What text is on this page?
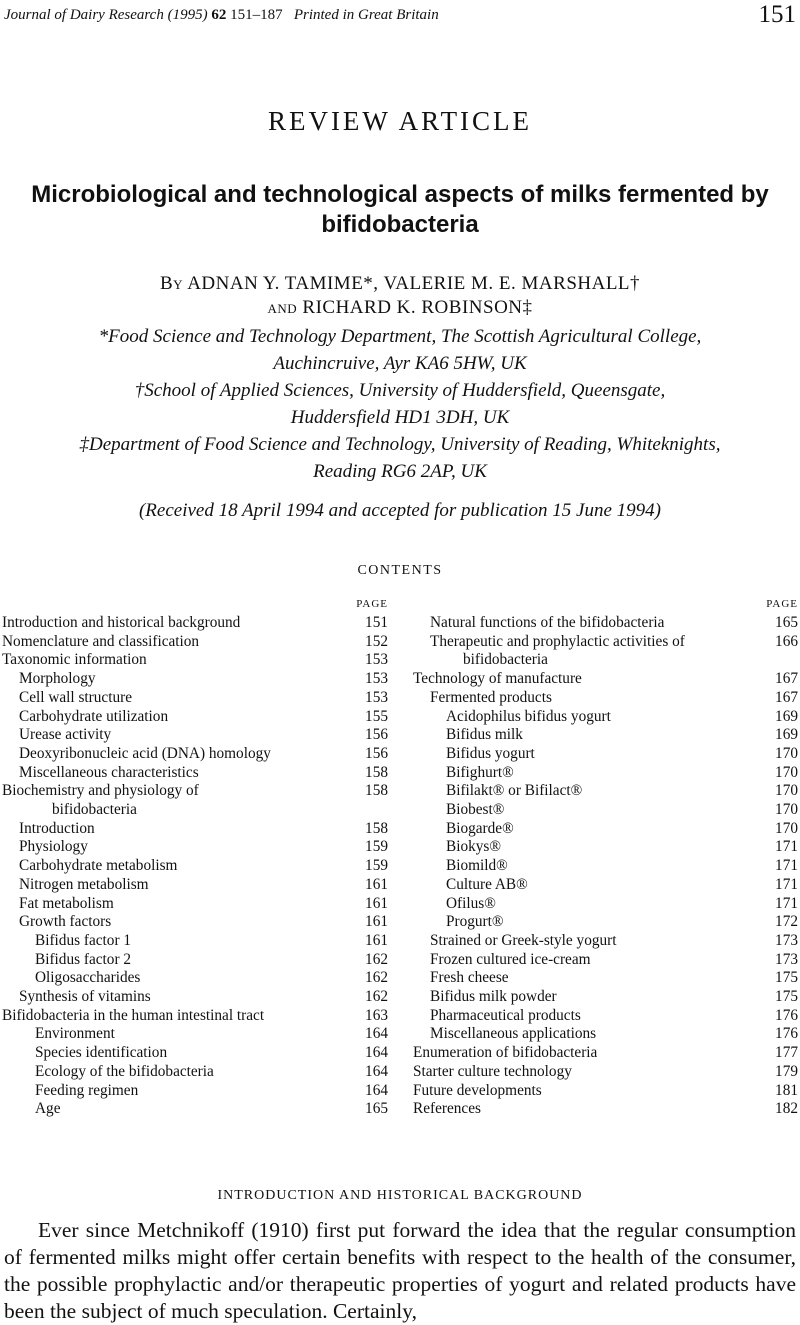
Journal of Dairy Research (1995) 62 151–187 Printed in Great Britain	151
REVIEW ARTICLE
Microbiological and technological aspects of milks fermented by
bifidobacteria
By ADNAN Y. TAMIME*, VALERIE M. E. MARSHALL†
and RICHARD K. ROBINSON‡
*Food Science and Technology Department, The Scottish Agricultural College,
Auchincruive, Ayr KA6 5HW, UK
†School of Applied Sciences, University of Huddersfield, Queensgate,
Huddersfield HD1 3DH, UK
‡Department of Food Science and Technology, University of Reading, Whiteknights,
Reading RG6 2AP, UK
(Received 18 April 1994 and accepted for publication 15 June 1994)
CONTENTS
PAGE
Introduction and historical background	151
Nomenclature and classification	152
Taxonomic information	153
Morphology	153
Cell wall structure	153
Carbohydrate utilization	155
Urease activity	156
Deoxyribonucleic acid (DNA) homology	156
Miscellaneous characteristics	158
Biochemistry and physiology of	158
bifidobacteria
Introduction	158
Physiology	159
Carbohydrate metabolism	159
Nitrogen metabolism	161
Fat metabolism	161
Growth factors	161
Bifidus factor 1	161
Bifidus factor 2	162
Oligosaccharides	162
Synthesis of vitamins	162
Bifidobacteria in the human intestinal tract	163
Environment	164
Species identification	164
Ecology of the bifidobacteria	164
Feeding regimen	164
Age	165
PAGE
Natural functions of the bifidobacteria	165
Therapeutic and prophylactic activities of	166
bifidobacteria
Technology of manufacture	167
Fermented products	167
Acidophilus bifidus yogurt	169
Bifidus milk	169
Bifidus yogurt	170
Bifighurt®	170
Bifilakt® or Bifilact®	170
Biobest®	170
Biogarde®	170
Biokys®	171
Biomild®	171
Culture AB®	171
Ofilus®	171
Progurt®	172
Strained or Greek-style yogurt	173
Frozen cultured ice-cream	173
Fresh cheese	175
Bifidus milk powder	175
Pharmaceutical products	176
Miscellaneous applications	176
Enumeration of bifidobacteria	177
Starter culture technology	179
Future developments	181
References	182
INTRODUCTION AND HISTORICAL BACKGROUND
Ever since Metchnikoff (1910) first put forward the idea that the regular consumption of fermented milks might offer certain benefits with respect to the health of the consumer, the possible prophylactic and/or therapeutic properties of yogurt and related products have been the subject of much speculation. Certainly,
